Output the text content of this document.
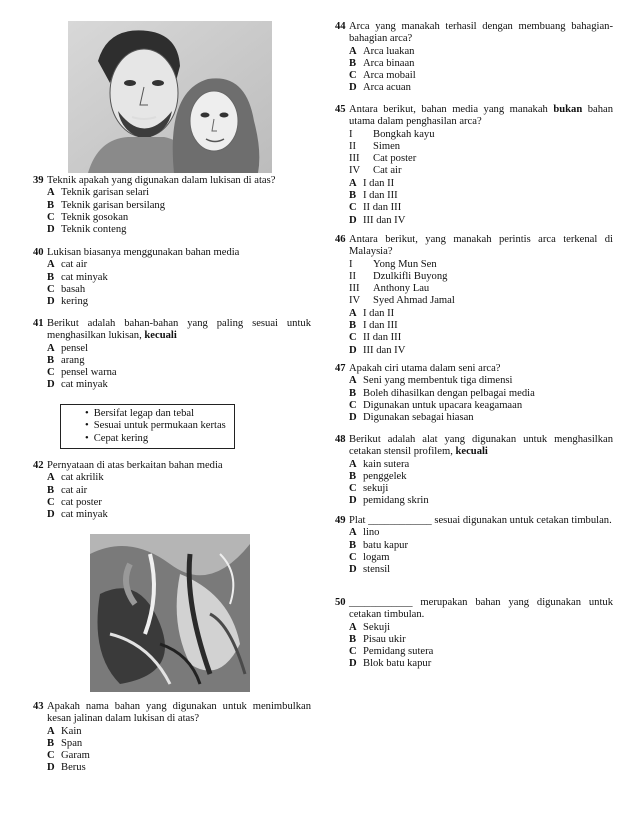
39 Teknik apakah yang digunakan dalam lukisan di atas?
A Teknik garisan selari
B Teknik garisan bersilang
C Teknik gosokan
D Teknik conteng
40 Lukisan biasanya menggunakan bahan media
A cat air
B cat minyak
C basah
D kering
41 Berikut adalah bahan-bahan yang paling sesuai untuk menghasilkan lukisan, kecuali
A pensel
B arang
C pensel warna
D cat minyak
• Bersifat legap dan tebal
• Sesuai untuk permukaan kertas
• Cepat kering
42 Pernyataan di atas berkaitan bahan media
A cat akrilik
B cat air
C cat poster
D cat minyak
43 Apakah nama bahan yang digunakan untuk menimbulkan kesan jalinan dalam lukisan di atas?
A Kain
B Span
C Garam
D Berus
44 Arca yang manakah terhasil dengan membuang bahagian-bahagian arca?
A Arca luakan
B Arca binaan
C Arca mobail
D Arca acuan
45 Antara berikut, bahan media yang manakah bukan bahan utama dalam penghasilan arca?
I	Bongkah kayu
II	Simen
III	Cat poster
IV	Cat air
A I dan II
B I dan III
C II dan III
D III dan IV
46 Antara berikut, yang manakah perintis arca terkenal di Malaysia?
I	Yong Mun Sen
II	Dzulkifli Buyong
III	Anthony Lau
IV	Syed Ahmad Jamal
A I dan II
B I dan III
C II dan III
D III dan IV
47 Apakah ciri utama dalam seni arca?
A Seni yang membentuk tiga dimensi
B Boleh dihasilkan dengan pelbagai media
C Digunakan untuk upacara keagamaan
D Digunakan sebagai hiasan
48 Berikut adalah alat yang digunakan untuk menghasilkan cetakan stensil profilem, kecuali
A kain sutera
B penggelek
C sekuji
D pemidang skrin
49 Plat ____________ sesuai digunakan untuk cetakan timbulan.
A lino
B batu kapur
C logam
D stensil
50 ____________ merupakan bahan yang digunakan untuk cetakan timbulan.
A Sekuji
B Pisau ukir
C Pemidang sutera
D Blok batu kapur
